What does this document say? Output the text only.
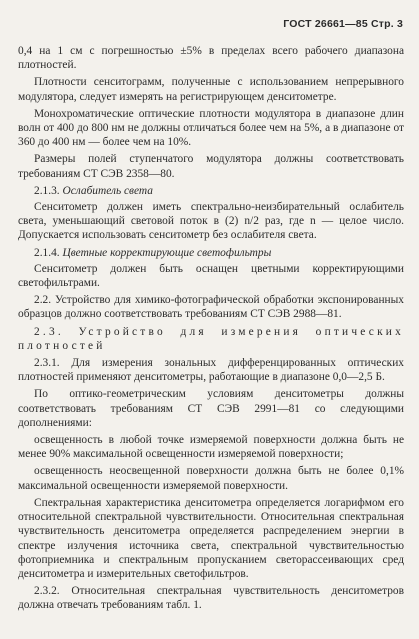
ГОСТ 26661—85 Стр. 3

0,4 на 1 см с погрешностью ±5% в пределах всего рабочего диапазона плотностей.

Плотности сенситограмм, полученные с использованием непрерывного модулятора, следует измерять на регистрирующем денситометре.

Монохроматические оптические плотности модулятора в диапазоне длин волн от 400 до 800 нм не должны отличаться более чем на 5%, а в диапазоне от 360 до 400 нм — более чем на 10%.

Размеры полей ступенчатого модулятора должны соответствовать требованиям СТ СЭВ 2358—80.

2.1.3. Ослабитель света

Сенситометр должен иметь спектрально-неизбирательный ослабитель света, уменьшающий световой поток в (2) n/2 раз, где n — целое число. Допускается использовать сенситометр без ослабителя света.

2.1.4. Цветные корректирующие светофильтры

Сенситометр должен быть оснащен цветными корректирующими светофильтрами.

2.2. Устройство для химико-фотографической обработки экспонированных образцов должно соответствовать требованиям СТ СЭВ 2988—81.

2.3. Устройство для измерения оптических плотностей

2.3.1. Для измерения зональных дифференцированных оптических плотностей применяют денситометры, работающие в диапазоне 0,0—2,5 Б.

По оптико-геометрическим условиям денситометры должны соответствовать требованиям СТ СЭВ 2991—81 со следующими дополнениями:

освещенность в любой точке измеряемой поверхности должна быть не менее 90% максимальной освещенности измеряемой поверхности;

освещенность неосвещенной поверхности должна быть не более 0,1% максимальной освещенности измеряемой поверхности.

Спектральная характеристика денситометра определяется логарифмом его относительной спектральной чувствительности. Относительная спектральная чувствительность денситометра определяется распределением энергии в спектре излучения источника света, спектральной чувствительностью фотоприемника и спектральным пропусканием светорассеивающих сред денситометра и измерительных светофильтров.

2.3.2. Относительная спектральная чувствительность денситометров должна отвечать требованиям табл. 1.
